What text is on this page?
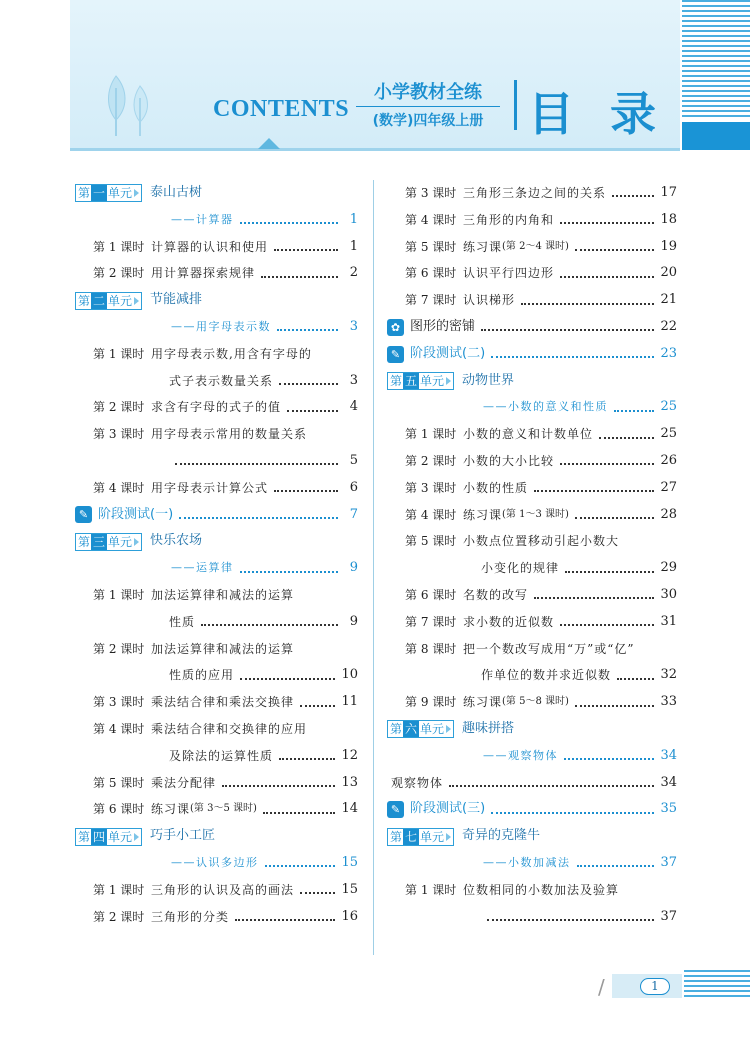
CONTENTS
小学教材全练
(数学)四年级上册 目 录
第 一 单元 泰山古树
——计算器	1
第 1 课时 计算器的认识和使用	1
第 2 课时 用计算器探索规律	2
第 二 单元 节能减排
——用字母表示数	3
第 1 课时 用字母表示数,用含有字母的
式子表示数量关系	3
第 2 课时 求含有字母的式子的值	4
第 3 课时 用字母表示常用的数量关系
5
第 4 课时 用字母表示计算公式	6
✎ 阶段测试(一)	7
第 三 单元 快乐农场
——运算律	9
第 1 课时 加法运算律和减法的运算
性质	9
第 2 课时 加法运算律和减法的运算
性质的应用	10
第 3 课时 乘法结合律和乘法交换律	11
第 4 课时 乘法结合律和交换律的应用
及除法的运算性质	12
第 5 课时 乘法分配律	13
第 6 课时 练习课 (第 3～5 课时)	14
第 四 单元 巧手小工匠
——认识多边形	15
第 1 课时 三角形的认识及高的画法	15
第 2 课时 三角形的分类	16
第 3 课时 三角形三条边之间的关系	17
第 4 课时 三角形的内角和	18
第 5 课时 练习课 (第 2～4 课时)	19
第 6 课时 认识平行四边形	20
第 7 课时 认识梯形	21
✿ 图形的密铺	22
✎ 阶段测试(二)	23
第 五 单元 动物世界
——小数的意义和性质	25
第 1 课时 小数的意义和计数单位	25
第 2 课时 小数的大小比较	26
第 3 课时 小数的性质	27
第 4 课时 练习课 (第 1～3 课时)	28
第 5 课时 小数点位置移动引起小数大
小变化的规律	29
第 6 课时 名数的改写	30
第 7 课时 求小数的近似数	31
第 8 课时 把一个数改写成用“万”或“亿”
作单位的数并求近似数	32
第 9 课时 练习课 (第 5～8 课时)	33
第 六 单元 趣味拼搭
——观察物体	34
观察物体	34
✎ 阶段测试(三)	35
第 七 单元 奇异的克隆牛
——小数加减法	37
第 1 课时 位数相同的小数加法及验算
37
/	1
